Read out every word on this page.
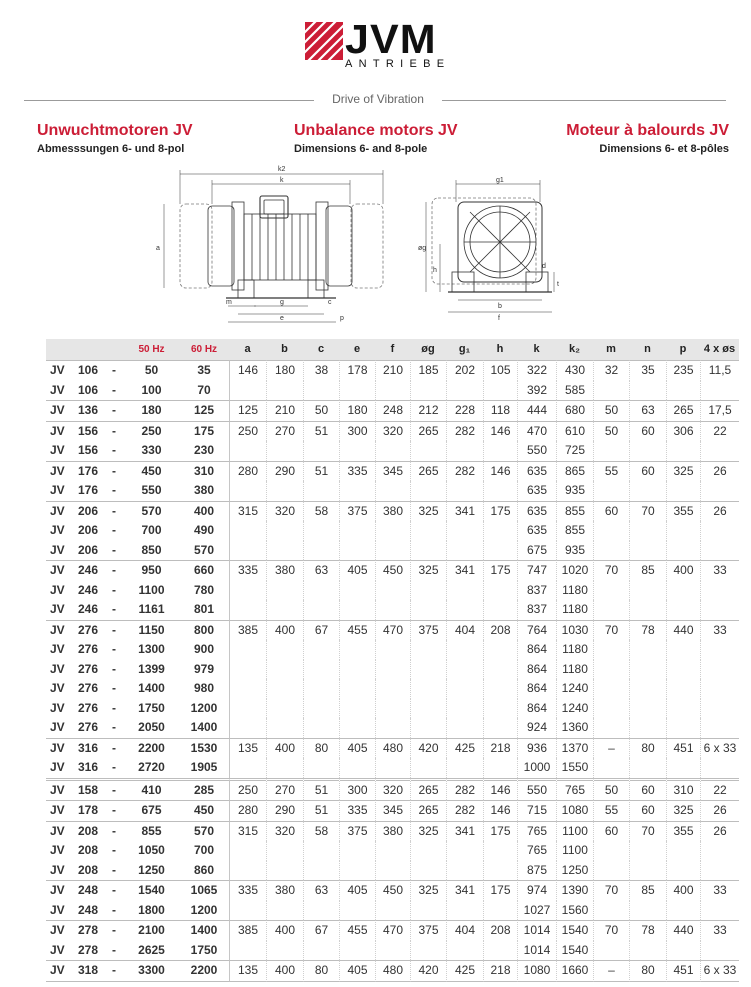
JVM
ANTRIEBE
Drive of Vibration
Unwuchtmotoren JV
Abmesssungen 6- und 8-pol
Unbalance motors JV
Dimensions 6- and 8-pole
Moteur à balourds JV
Dimensions 6- et 8-pôles
k2
k
a
m	g	c
e	p
g1
øg
h
b
f
d
t
			50 Hz	60 Hz	a	b	c	e	f	øg	g₁	h	k	k₂	m	n	p	4 x øs
JV	106	-	50	35	146	180	38	178	210	185	202	105	322	430	32	35	235	11,5
JV	106	-	100	70									392	585				
JV	136	-	180	125	125	210	50	180	248	212	228	118	444	680	50	63	265	17,5
JV	156	-	250	175	250	270	51	300	320	265	282	146	470	610	50	60	306	22
JV	156	-	330	230									550	725				
JV	176	-	450	310	280	290	51	335	345	265	282	146	635	865	55	60	325	26
JV	176	-	550	380									635	935				
JV	206	-	570	400	315	320	58	375	380	325	341	175	635	855	60	70	355	26
JV	206	-	700	490									635	855				
JV	206	-	850	570									675	935				
JV	246	-	950	660	335	380	63	405	450	325	341	175	747	1020	70	85	400	33
JV	246	-	1100	780									837	1180				
JV	246	-	1161	801									837	1180				
JV	276	-	1150	800	385	400	67	455	470	375	404	208	764	1030	70	78	440	33
JV	276	-	1300	900									864	1180				
JV	276	-	1399	979									864	1180				
JV	276	-	1400	980									864	1240				
JV	276	-	1750	1200									864	1240				
JV	276	-	2050	1400									924	1360				
JV	316	-	2200	1530	135	400	80	405	480	420	425	218	936	1370	–	80	451	6 x 33
JV	316	-	2720	1905									1000	1550				
JV	158	-	410	285	250	270	51	300	320	265	282	146	550	765	50	60	310	22
JV	178	-	675	450	280	290	51	335	345	265	282	146	715	1080	55	60	325	26
JV	208	-	855	570	315	320	58	375	380	325	341	175	765	1100	60	70	355	26
JV	208	-	1050	700									765	1100				
JV	208	-	1250	860									875	1250				
JV	248	-	1540	1065	335	380	63	405	450	325	341	175	974	1390	70	85	400	33
JV	248	-	1800	1200									1027	1560				
JV	278	-	2100	1400	385	400	67	455	470	375	404	208	1014	1540	70	78	440	33
JV	278	-	2625	1750									1014	1540				
JV	318	-	3300	2200	135	400	80	405	480	420	425	218	1080	1660	–	80	451	6 x 33
